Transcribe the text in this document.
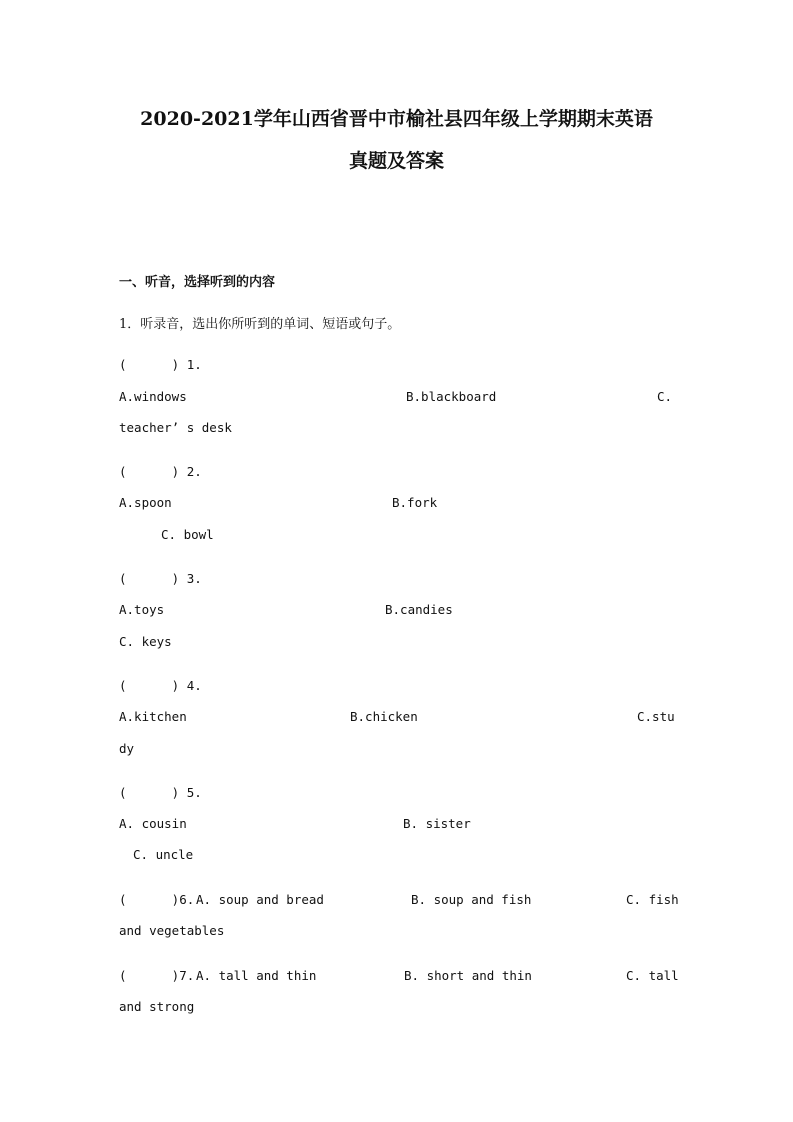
2020-2021学年山西省晋中市榆社县四年级上学期期末英语
真题及答案
一、听音，选择听到的内容
1．听录音，选出你所听到的单词、短语或句子。
(      ) 1.
A.windows	B.blackboard	C.
teacher’ s desk
(      ) 2.
A.spoon	B.fork
C. bowl
(      ) 3.
A.toys	B.candies
C. keys
(      ) 4.
A.kitchen	B.chicken	C.stu
dy
(      ) 5.
A. cousin	B. sister
C. uncle
(      )6. A. soup and bread	B. soup and fish	C. fish
and vegetables
(      )7. A. tall and thin	B. short and thin	C. tall
and strong
